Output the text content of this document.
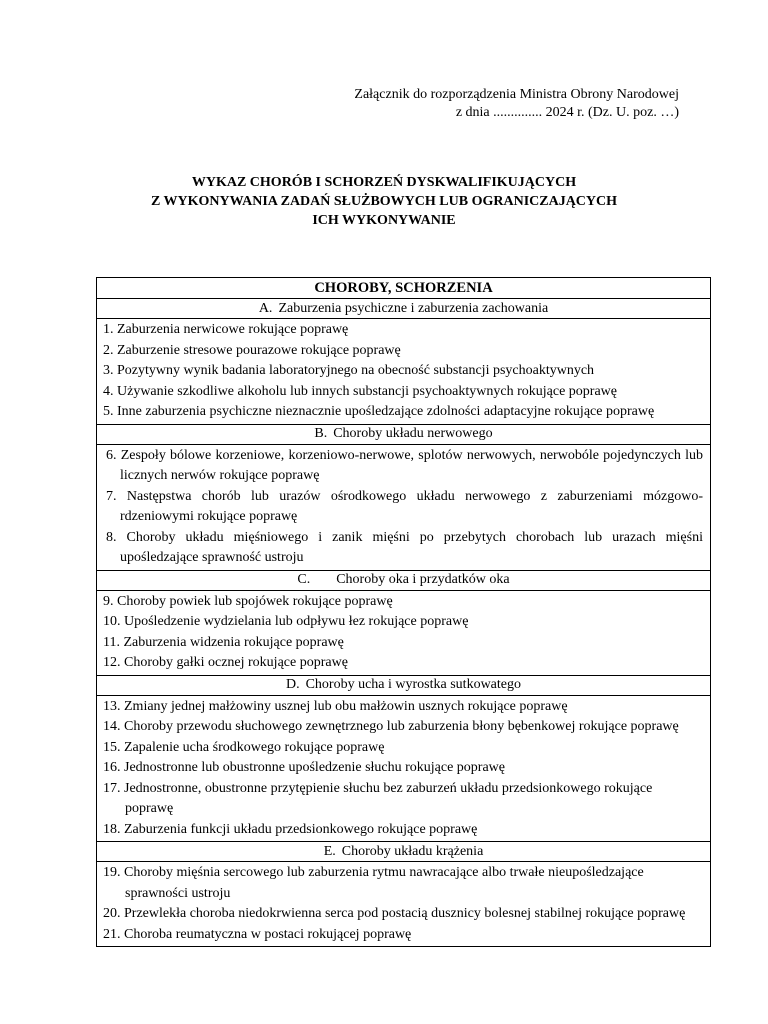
Załącznik do rozporządzenia Ministra Obrony Narodowej
z dnia .............. 2024 r. (Dz. U. poz. …)
WYKAZ CHORÓB I SCHORZEŃ DYSKWALIFIKUJĄCYCH
Z WYKONYWANIA ZADAŃ SŁUŻBOWYCH LUB OGRANICZAJĄCYCH
ICH WYKONYWANIE
CHOROBY, SCHORZENIA
A. Zaburzenia psychiczne i zaburzenia zachowania

1. Zaburzenia nerwicowe rokujące poprawę
2. Zaburzenie stresowe pourazowe rokujące poprawę
3. Pozytywny wynik badania laboratoryjnego na obecność substancji psychoaktywnych
4. Używanie szkodliwe alkoholu lub innych substancji psychoaktywnych rokujące poprawę
5. Inne zaburzenia psychiczne nieznacznie upośledzające zdolności adaptacyjne rokujące poprawę

B. Choroby układu nerwowego

6. Zespoły bólowe korzeniowe, korzeniowo-nerwowe, splotów nerwowych, nerwobóle pojedynczych lub licznych nerwów rokujące poprawę
7. Następstwa chorób lub urazów ośrodkowego układu nerwowego z zaburzeniami mózgowo-rdzeniowymi rokujące poprawę
8. Choroby układu mięśniowego i zanik mięśni po przebytych chorobach lub urazach mięśni upośledzające sprawność ustroju

C. Choroby oka i przydatków oka

9. Choroby powiek lub spojówek rokujące poprawę
10. Upośledzenie wydzielania lub odpływu łez rokujące poprawę
11. Zaburzenia widzenia rokujące poprawę
12. Choroby gałki ocznej rokujące poprawę

D. Choroby ucha i wyrostka sutkowatego

13. Zmiany jednej małżowiny usznej lub obu małżowin usznych rokujące poprawę
14. Choroby przewodu słuchowego zewnętrznego lub zaburzenia błony bębenkowej rokujące poprawę
15. Zapalenie ucha środkowego rokujące poprawę
16. Jednostronne lub obustronne upośledzenie słuchu rokujące poprawę
17. Jednostronne, obustronne przytępienie słuchu bez zaburzeń układu przedsionkowego rokujące poprawę
18. Zaburzenia funkcji układu przedsionkowego rokujące poprawę

E. Choroby układu krążenia

19. Choroby mięśnia sercowego lub zaburzenia rytmu nawracające albo trwałe nieupośledzające sprawności ustroju
20. Przewlekła choroba niedokrwienna serca pod postacią dusznicy bolesnej stabilnej rokujące poprawę
21. Choroba reumatyczna w postaci rokującej poprawę
